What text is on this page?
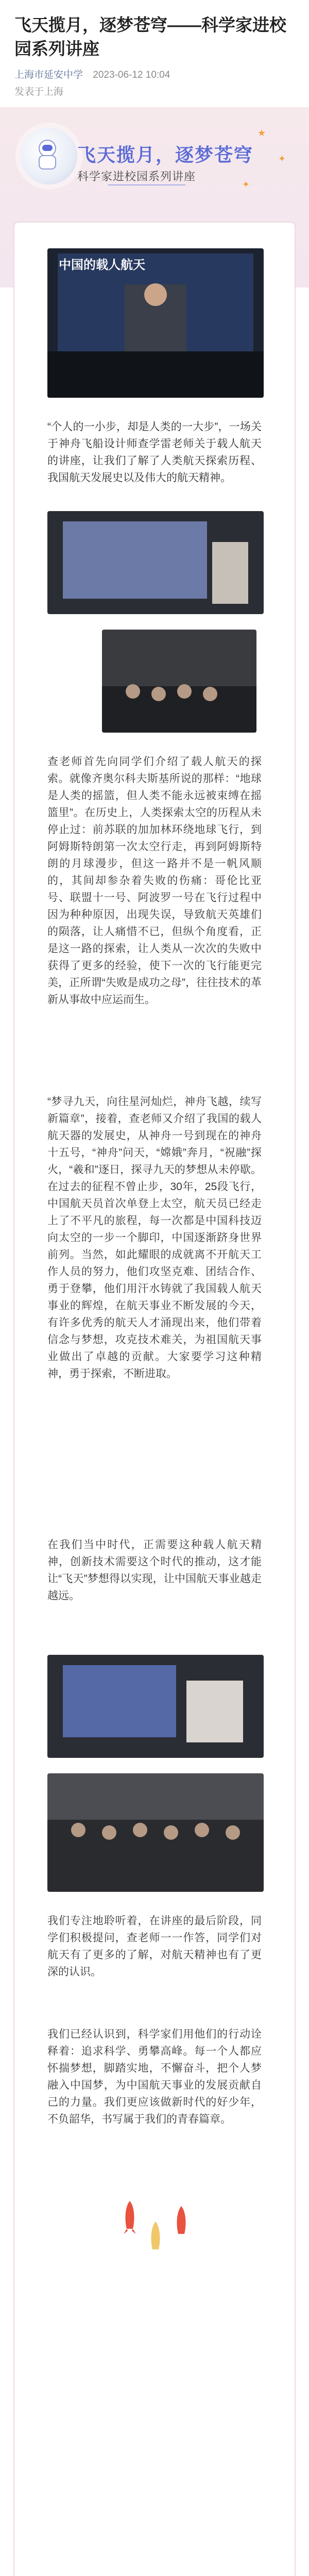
飞天揽月，逐梦苍穹——科学家进校园系列讲座
上海市延安中学 2023-06-12 10:04
发表于上海
飞天揽月，逐梦苍穹
科学家进校园系列讲座
★
✦
✦
中国的载人航天

“个人的一小步，却是人类的一大步”，一场关于神舟飞船设计师查学雷老师关于载人航天的讲座，让我们了解了人类航天探索历程、我国航天发展史以及伟大的航天精神。

查老师首先向同学们介绍了载人航天的探索。就像齐奥尔科夫斯基所说的那样：“地球是人类的摇篮，但人类不能永远被束缚在摇篮里”。在历史上，人类探索太空的历程从未停止过：前苏联的加加林环绕地球飞行，到阿姆斯特朗第一次太空行走，再到阿姆斯特朗的月球漫步，但这一路并不是一帆风顺的，其间却参杂着失败的伤痛：哥伦比亚号、联盟十一号、阿波罗一号在飞行过程中因为种种原因，出现失误，导致航天英雄们的陨落，让人痛惜不已，但纵个角度看，正是这一路的探索，让人类从一次次的失败中获得了更多的经验，使下一次的飞行能更完美，正所谓“失败是成功之母”，往往技术的革新从事故中应运而生。

“梦寻九天，向往星河灿烂，神舟飞越，续写新篇章”，接着，查老师又介绍了我国的载人航天器的发展史，从神舟一号到现在的神舟十五号，“神舟”问天，“嫦娥”奔月，“祝融”探火，“羲和”逐日，探寻九天的梦想从未停歇。在过去的征程不曾止步，30年，25段飞行，中国航天员首次单登上太空，航天员已经走上了不平凡的旅程，每一次都是中国科技迈向太空的一步一个脚印，中国逐渐跻身世界前列。当然，如此耀眼的成就离不开航天工作人员的努力，他们攻坚克难、团结合作、勇于登攀，他们用汗水铸就了我国载人航天事业的辉煌，在航天事业不断发展的今天，有许多优秀的航天人才涌现出来，他们带着信念与梦想，攻克技术难关，为祖国航天事业做出了卓越的贡献。大家要学习这种精神，勇于探索，不断进取。

在我们当中时代，正需要这种载人航天精神，创新技术需要这个时代的推动，这才能让“飞天”梦想得以实现，让中国航天事业越走越远。

我们专注地聆听着，在讲座的最后阶段，同学们积极提问，查老师一一作答，同学们对航天有了更多的了解，对航天精神也有了更深的认识。

我们已经认识到，科学家们用他们的行动诠释着：追求科学、勇攀高峰。每一个人都应怀揣梦想，脚踏实地，不懈奋斗，把个人梦融入中国梦，为中国航天事业的发展贡献自己的力量。我们更应该做新时代的好少年，不负韶华，书写属于我们的青春篇章。
